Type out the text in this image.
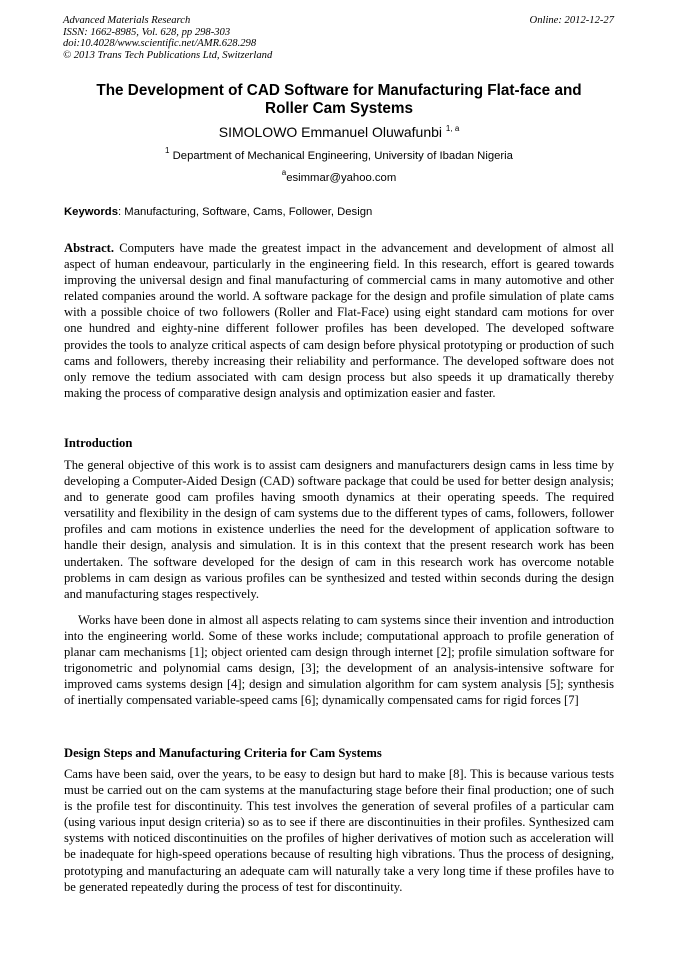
Advanced Materials Research
ISSN: 1662-8985, Vol. 628, pp 298-303
doi:10.4028/www.scientific.net/AMR.628.298
© 2013 Trans Tech Publications Ltd, Switzerland
Online: 2012-12-27
The Development of CAD Software for Manufacturing Flat-face and
Roller Cam Systems
SIMOLOWO Emmanuel Oluwafunbi $^{1, a}$
$^1$ Department of Mechanical Engineering, University of Ibadan Nigeria
$^a$esimmar@yahoo.com
Keywords: Manufacturing, Software, Cams, Follower, Design
Abstract. Computers have made the greatest impact in the advancement and development of almost all aspect of human endeavour, particularly in the engineering field. In this research, effort is geared towards improving the universal design and final manufacturing of commercial cams in many automotive and other related companies around the world. A software package for the design and profile simulation of plate cams with a possible choice of two followers (Roller and Flat-Face) using eight standard cam motions for over one hundred and eighty-nine different follower profiles has been developed. The developed software provides the tools to analyze critical aspects of cam design before physical prototyping or production of such cams and followers, thereby increasing their reliability and performance. The developed software does not only remove the tedium associated with cam design process but also speeds it up dramatically thereby making the process of comparative design analysis and optimization easier and faster.
Introduction
The general objective of this work is to assist cam designers and manufacturers design cams in less time by developing a Computer-Aided Design (CAD) software package that could be used for better design analysis; and to generate good cam profiles having smooth dynamics at their operating speeds. The required versatility and flexibility in the design of cam systems due to the different types of cams, followers, follower profiles and cam motions in existence underlies the need for the development of application software to handle their design, analysis and simulation. It is in this context that the present research work has been undertaken. The software developed for the design of cam in this research work has overcome notable problems in cam design as various profiles can be synthesized and tested within seconds during the design and manufacturing stages respectively.
Works have been done in almost all aspects relating to cam systems since their invention and introduction into the engineering world. Some of these works include; computational approach to profile generation of planar cam mechanisms [1]; object oriented cam design through internet [2]; profile simulation software for trigonometric and polynomial cams design, [3]; the development of an analysis-intensive software for improved cams systems design [4]; design and simulation algorithm for cam system analysis [5]; synthesis of inertially compensated variable-speed cams [6]; dynamically compensated cams for rigid forces [7]
Design Steps and Manufacturing Criteria for Cam Systems
Cams have been said, over the years, to be easy to design but hard to make [8]. This is because various tests must be carried out on the cam systems at the manufacturing stage before their final production; one of such is the profile test for discontinuity. This test involves the generation of several profiles of a particular cam (using various input design criteria) so as to see if there are discontinuities in their profiles. Synthesized cam systems with noticed discontinuities on the profiles of higher derivatives of motion such as acceleration will be inadequate for high-speed operations because of resulting high vibrations. Thus the process of designing, prototyping and manufacturing an adequate cam will naturally take a very long time if these profiles have to be generated repeatedly during the process of test for discontinuity.
